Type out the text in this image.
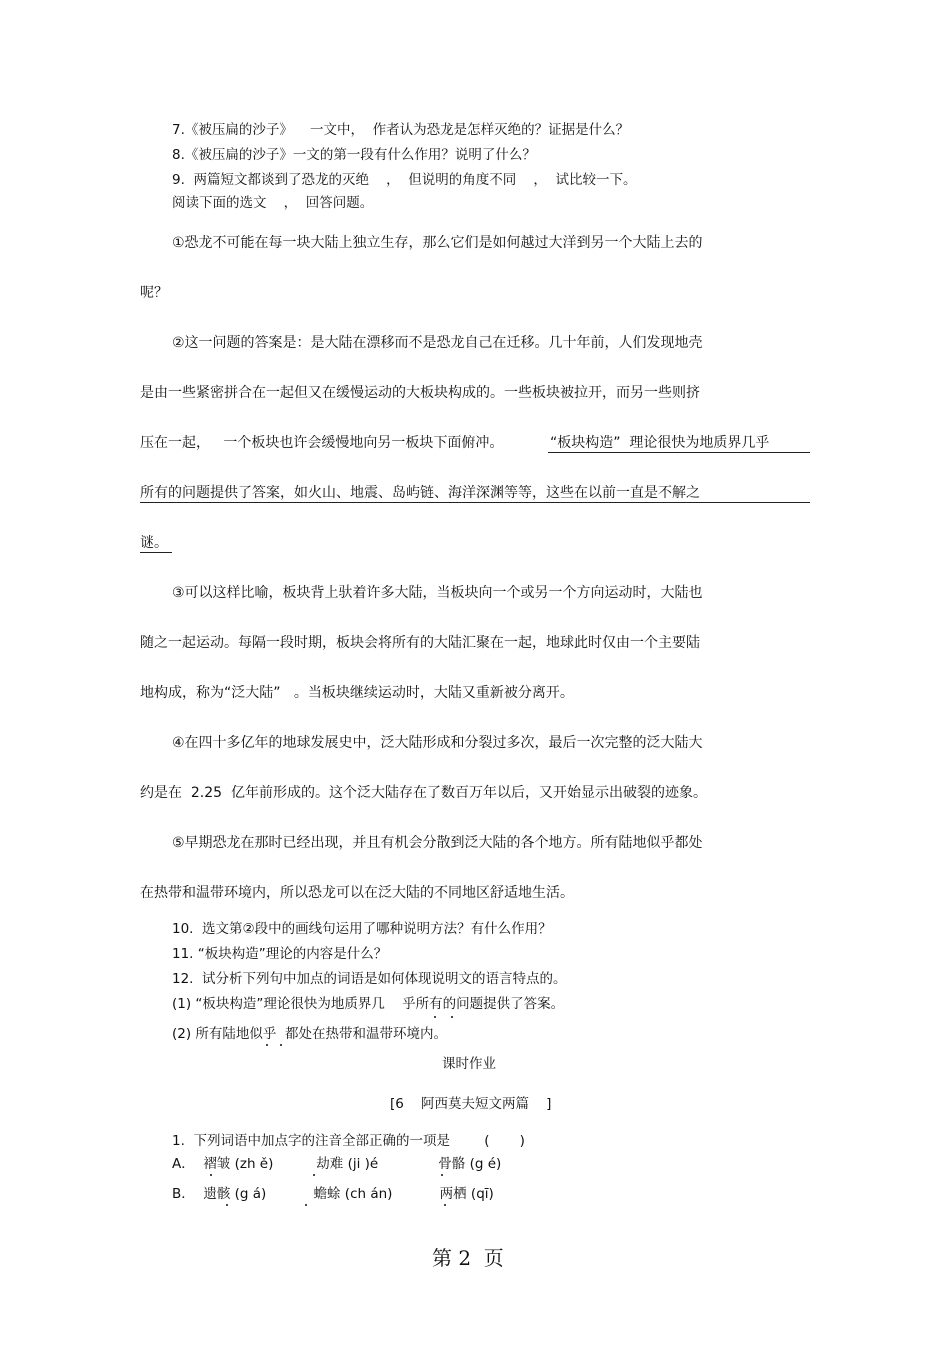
7.《被压扁的沙子》    一文中，  作者认为恐龙是怎样灭绝的？证据是什么？
8.《被压扁的沙子》一文的第一段有什么作用？说明了什么？
9.  两篇短文都谈到了恐龙的灭绝    ，  但说明的角度不同    ，  试比较一下。
阅读下面的选文    ，  回答问题。
①恐龙不可能在每一块大陆上独立生存，那么它们是如何越过大洋到另一个大陆上去的
呢？
②这一问题的答案是：是大陆在漂移而不是恐龙自己在迁移。几十年前，人们发现地壳
是由一些紧密拼合在一起但又在缓慢运动的大板块构成的。一些板块被拉开，而另一些则挤
压在一起，   一个板块也许会缓慢地向另一板块下面俯冲。	“板块构造”  理论很快为地质界几乎
所有的问题提供了答案，如火山、地震、岛屿链、海洋深渊等等，这些在以前一直是不解之
谜。
③可以这样比喻，板块背上驮着许多大陆，当板块向一个或另一个方向运动时，大陆也
随之一起运动。每隔一段时期，板块会将所有的大陆汇聚在一起，地球此时仅由一个主要陆
地构成，称为“泛大陆”   。当板块继续运动时，大陆又重新被分离开。
④在四十多亿年的地球发展史中，泛大陆形成和分裂过多次，最后一次完整的泛大陆大
约是在  2.25  亿年前形成的。这个泛大陆存在了数百万年以后，又开始显示出破裂的迹象。
⑤早期恐龙在那时已经出现，并且有机会分散到泛大陆的各个地方。所有陆地似乎都处
在热带和温带环境内，所以恐龙可以在泛大陆的不同地区舒适地生活。
10.  选文第②段中的画线句运用了哪种说明方法？有什么作用？
11. “板块构造”理论的内容是什么？
12.  试分析下列句中加点的词语是如何体现说明文的语言特点的。
(1) “板块构造”理论很快为地质界几    乎所有的问题提供了答案。
(2) 所有陆地似乎  都处在热带和温带环境内。
课时作业
[6    阿西莫夫短文两篇    ]
1.  下列词语中加点字的注音全部正确的一项是        (       )
A．  褶皱 (zh ě)          劫难 (ji )é              骨骼 (g é)
B．  遗骸 (g á)           蟾蜍 (ch án)           两栖 (qī)
第 2  页
